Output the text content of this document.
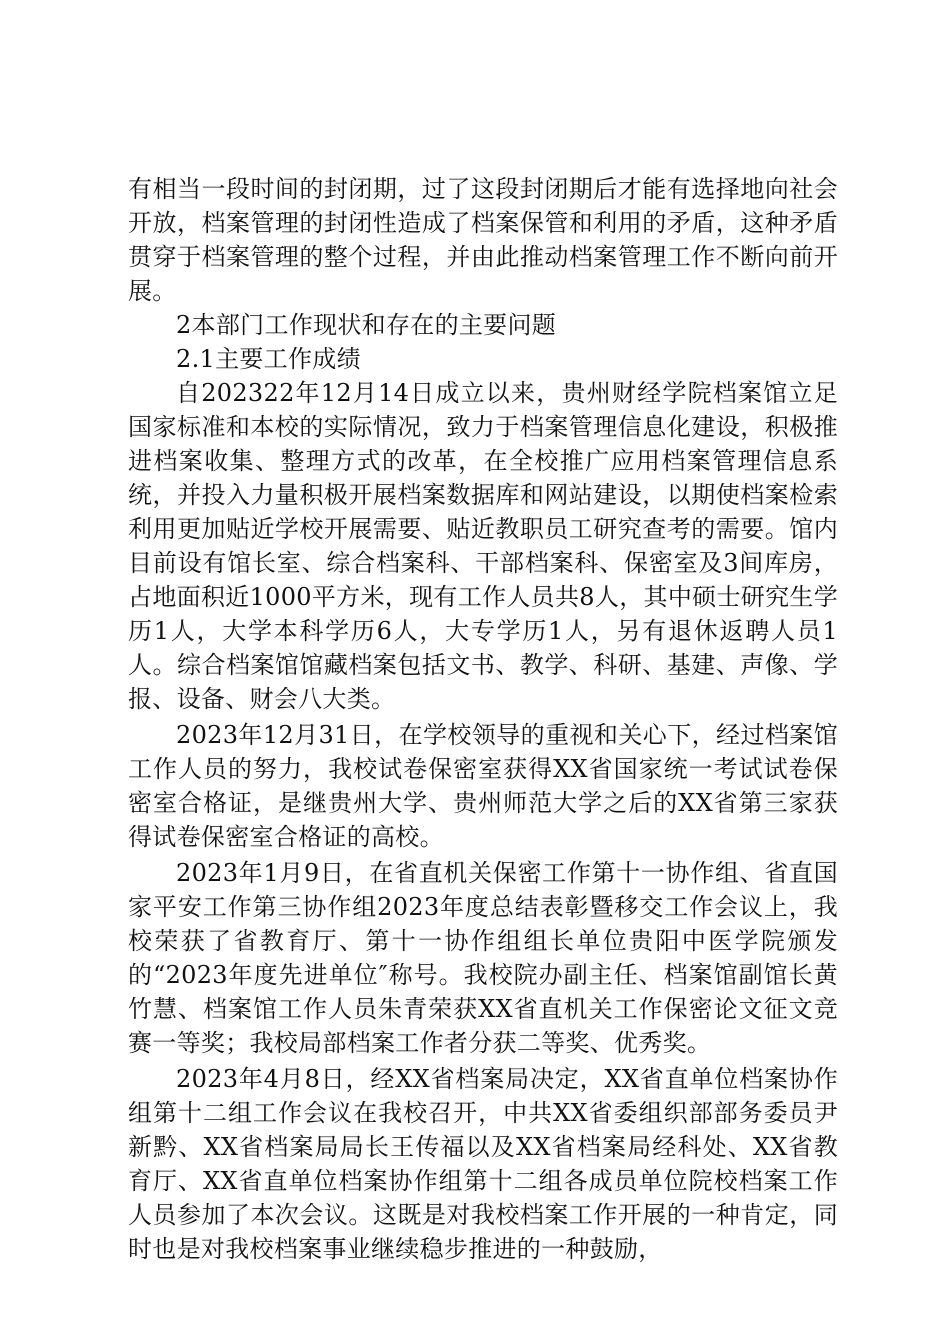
有相当一段时间的封闭期，过了这段封闭期后才能有选择地向社会开放，档案管理的封闭性造成了档案保管和利用的矛盾，这种矛盾贯穿于档案管理的整个过程，并由此推动档案管理工作不断向前开展。

2本部门工作现状和存在的主要问题

2.1主要工作成绩

自202322年12月14日成立以来，贵州财经学院档案馆立足国家标准和本校的实际情况，致力于档案管理信息化建设，积极推进档案收集、整理方式的改革，在全校推广应用档案管理信息系统，并投入力量积极开展档案数据库和网站建设，以期使档案检索利用更加贴近学校开展需要、贴近教职员工研究查考的需要。馆内目前设有馆长室、综合档案科、干部档案科、保密室及3间库房，占地面积近1000平方米，现有工作人员共8人，其中硕士研究生学历1人，大学本科学历6人，大专学历1人，另有退休返聘人员1人。综合档案馆馆藏档案包括文书、教学、科研、基建、声像、学报、设备、财会八大类。

2023年12月31日，在学校领导的重视和关心下，经过档案馆工作人员的努力，我校试卷保密室获得XX省国家统一考试试卷保密室合格证，是继贵州大学、贵州师范大学之后的XX省第三家获得试卷保密室合格证的高校。

2023年1月9日，在省直机关保密工作第十一协作组、省直国家平安工作第三协作组2023年度总结表彰暨移交工作会议上，我校荣获了省教育厅、第十一协作组组长单位贵阳中医学院颁发的“2023年度先进单位″称号。我校院办副主任、档案馆副馆长黄竹慧、档案馆工作人员朱青荣获XX省直机关工作保密论文征文竞赛一等奖；我校局部档案工作者分获二等奖、优秀奖。

2023年4月8日，经XX省档案局决定，XX省直单位档案协作组第十二组工作会议在我校召开，中共XX省委组织部部务委员尹新黔、XX省档案局局长王传福以及XX省档案局经科处、XX省教育厅、XX省直单位档案协作组第十二组各成员单位院校档案工作人员参加了本次会议。这既是对我校档案工作开展的一种肯定，同时也是对我校档案事业继续稳步推进的一种鼓励，
